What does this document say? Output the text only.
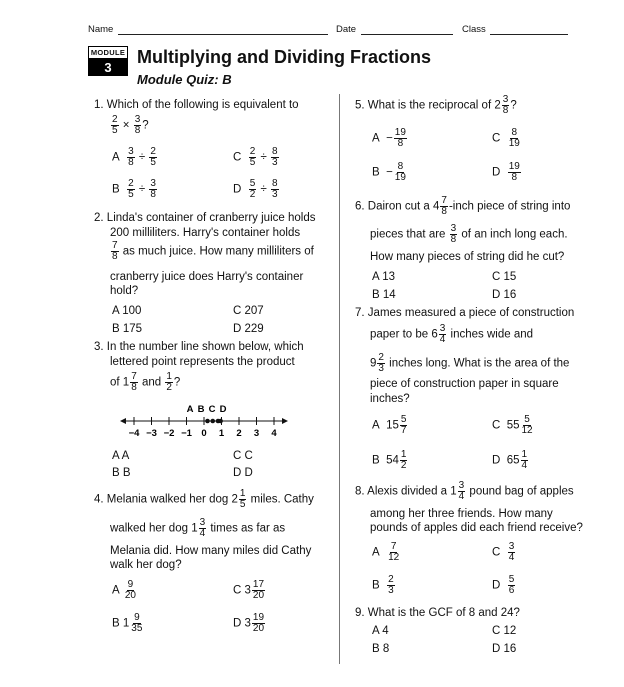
Name	Date	Class
MODULE
3
Multiplying and Dividing Fractions
Module Quiz: B
1. Which of the following is equivalent to
$\frac{2}{5} \times \frac{3}{8}$ ?
A $\frac{3}{8} \div \frac{2}{5}$	C $\frac{2}{5} \div \frac{8}{3}$
B $\frac{2}{5} \div \frac{3}{8}$	D $\frac{5}{2} \div \frac{8}{3}$
2. Linda's container of cranberry juice holds
200 milliliters. Harry's container holds
$\frac{7}{8}$ as much juice. How many milliliters of
cranberry juice does Harry's container
hold?
A 100	C 207
B 175	D 229
3. In the number line shown below, which
lettered point represents the product
of $1 \frac{7}{8}$ and $\frac{1}{2}$ ?
−4 −3 −2 −1 0 1 2 3 4
A B C D
A A	C C
B B	D D
4. Melania walked her dog $2 \frac{1}{5}$ miles. Cathy
walked her dog $1 \frac{3}{4}$ times as far as
Melania did. How many miles did Cathy
walk her dog?
A $\frac{9}{20}$	C $3 \frac{17}{20}$
B $1 \frac{9}{35}$	D $3 \frac{19}{20}$
5. What is the reciprocal of $2 \frac{3}{8}$ ?
$A - \frac{19}{8}$	C $\frac{8}{19}$
$B - \frac{8}{19}$	D $\frac{19}{8}$
6. Dairon cut a $4 \frac{7}{8}$ -inch piece of string into
pieces that are $\frac{3}{8}$ of an inch long each.
How many pieces of string did he cut?
A 13	C 15
B 14	D 16
7. James measured a piece of construction
paper to be $6 \frac{3}{4}$ inches wide and
$9 \frac{2}{3}$ inches long. What is the area of the
piece of construction paper in square
inches?
A $15 \frac{5}{7}$	C $55 \frac{5}{12}$
B $54 \frac{1}{2}$	D $65 \frac{1}{4}$
8. Alexis divided a $1 \frac{3}{4}$ pound bag of apples
among her three friends. How many
pounds of apples did each friend receive?
A $\frac{7}{12}$	C $\frac{3}{4}$
B $\frac{2}{3}$	D $\frac{5}{6}$
9. What is the GCF of 8 and 24?
A 4	C 12
B 8	D 16
